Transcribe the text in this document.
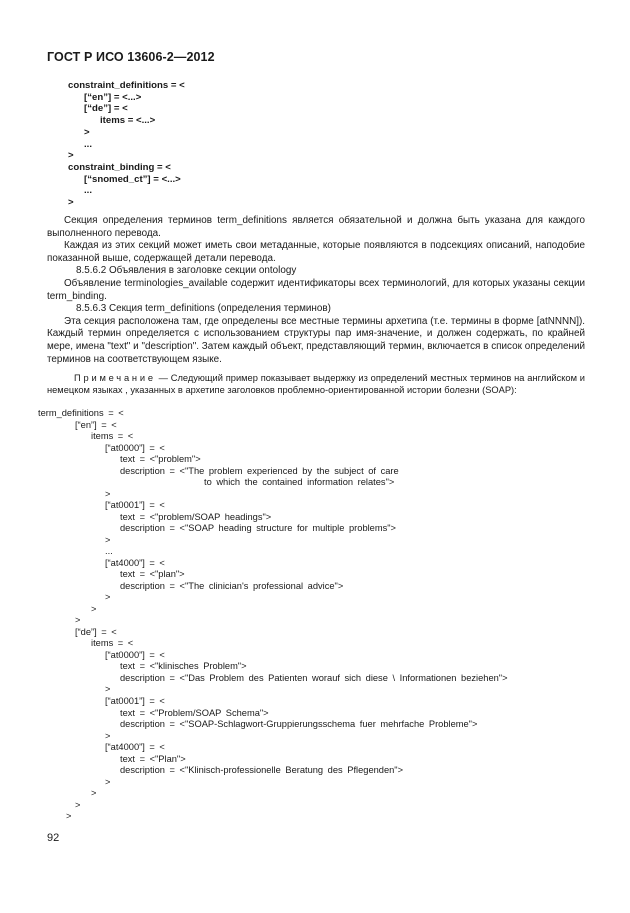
ГОСТ Р ИСО 13606-2—2012
constraint_definitions = <
[“en”] = <...>
[“de”] = <
items = <...>
>
...
>
constraint_binding = <
[“snomed_ct”] = <...>
...
>

Секция определения терминов term_definitions является обязательной и должна быть указана для каждого выполненного перевода.

Каждая из этих секций может иметь свои метаданные, которые появляются в подсекциях описаний, наподобие показанной выше, содержащей детали перевода.

8.5.6.2 Объявления в заголовке секции ontology

Объявление terminologies_available содержит идентификаторы всех терминологий, для которых указаны секции term_binding.

8.5.6.3 Секция term_definitions (определения терминов)

Эта секция расположена там, где определены все местные термины архетипа (т.е. термины в форме [atNNNN]). Каждый термин определяется с использованием структуры пар имя-значение, и должен содержать, по крайней мере, имена "text" и "description". Затем каждый объект, представляющий термин, включается в список определений терминов на соответствующем языке.

Примечание — Следующий пример показывает выдержку из определений местных терминов на английском и немецком языках , указанных в архетипе заголовков проблемно-ориентированной истории болезни (SOAP):

term_definitions = <
[“en”] = <
items = <
[“at0000”] = <
text = <"problem">
description = <"The problem experienced by the subject of care
to which the contained information relates">
>
[“at0001”] = <
text = <"problem/SOAP headings">
description = <"SOAP heading structure for multiple problems">
>
...
[“at4000”] = <
text = <"plan">
description = <"The clinician's professional advice">
>
>
>
[“de”] = <
items = <
[“at0000”] = <
text = <"klinisches Problem">
description = <"Das Problem des Patienten worauf sich diese \ Informationen beziehen">
>
[“at0001”] = <
text = <"Problem/SOAP Schema">
description = <"SOAP-Schlagwort-Gruppierungsschema fuer mehrfache Probleme">
>
[“at4000”] = <
text = <"Plan">
description = <"Klinisch-professionelle Beratung des Pflegenden">
>
>
>
>
92
